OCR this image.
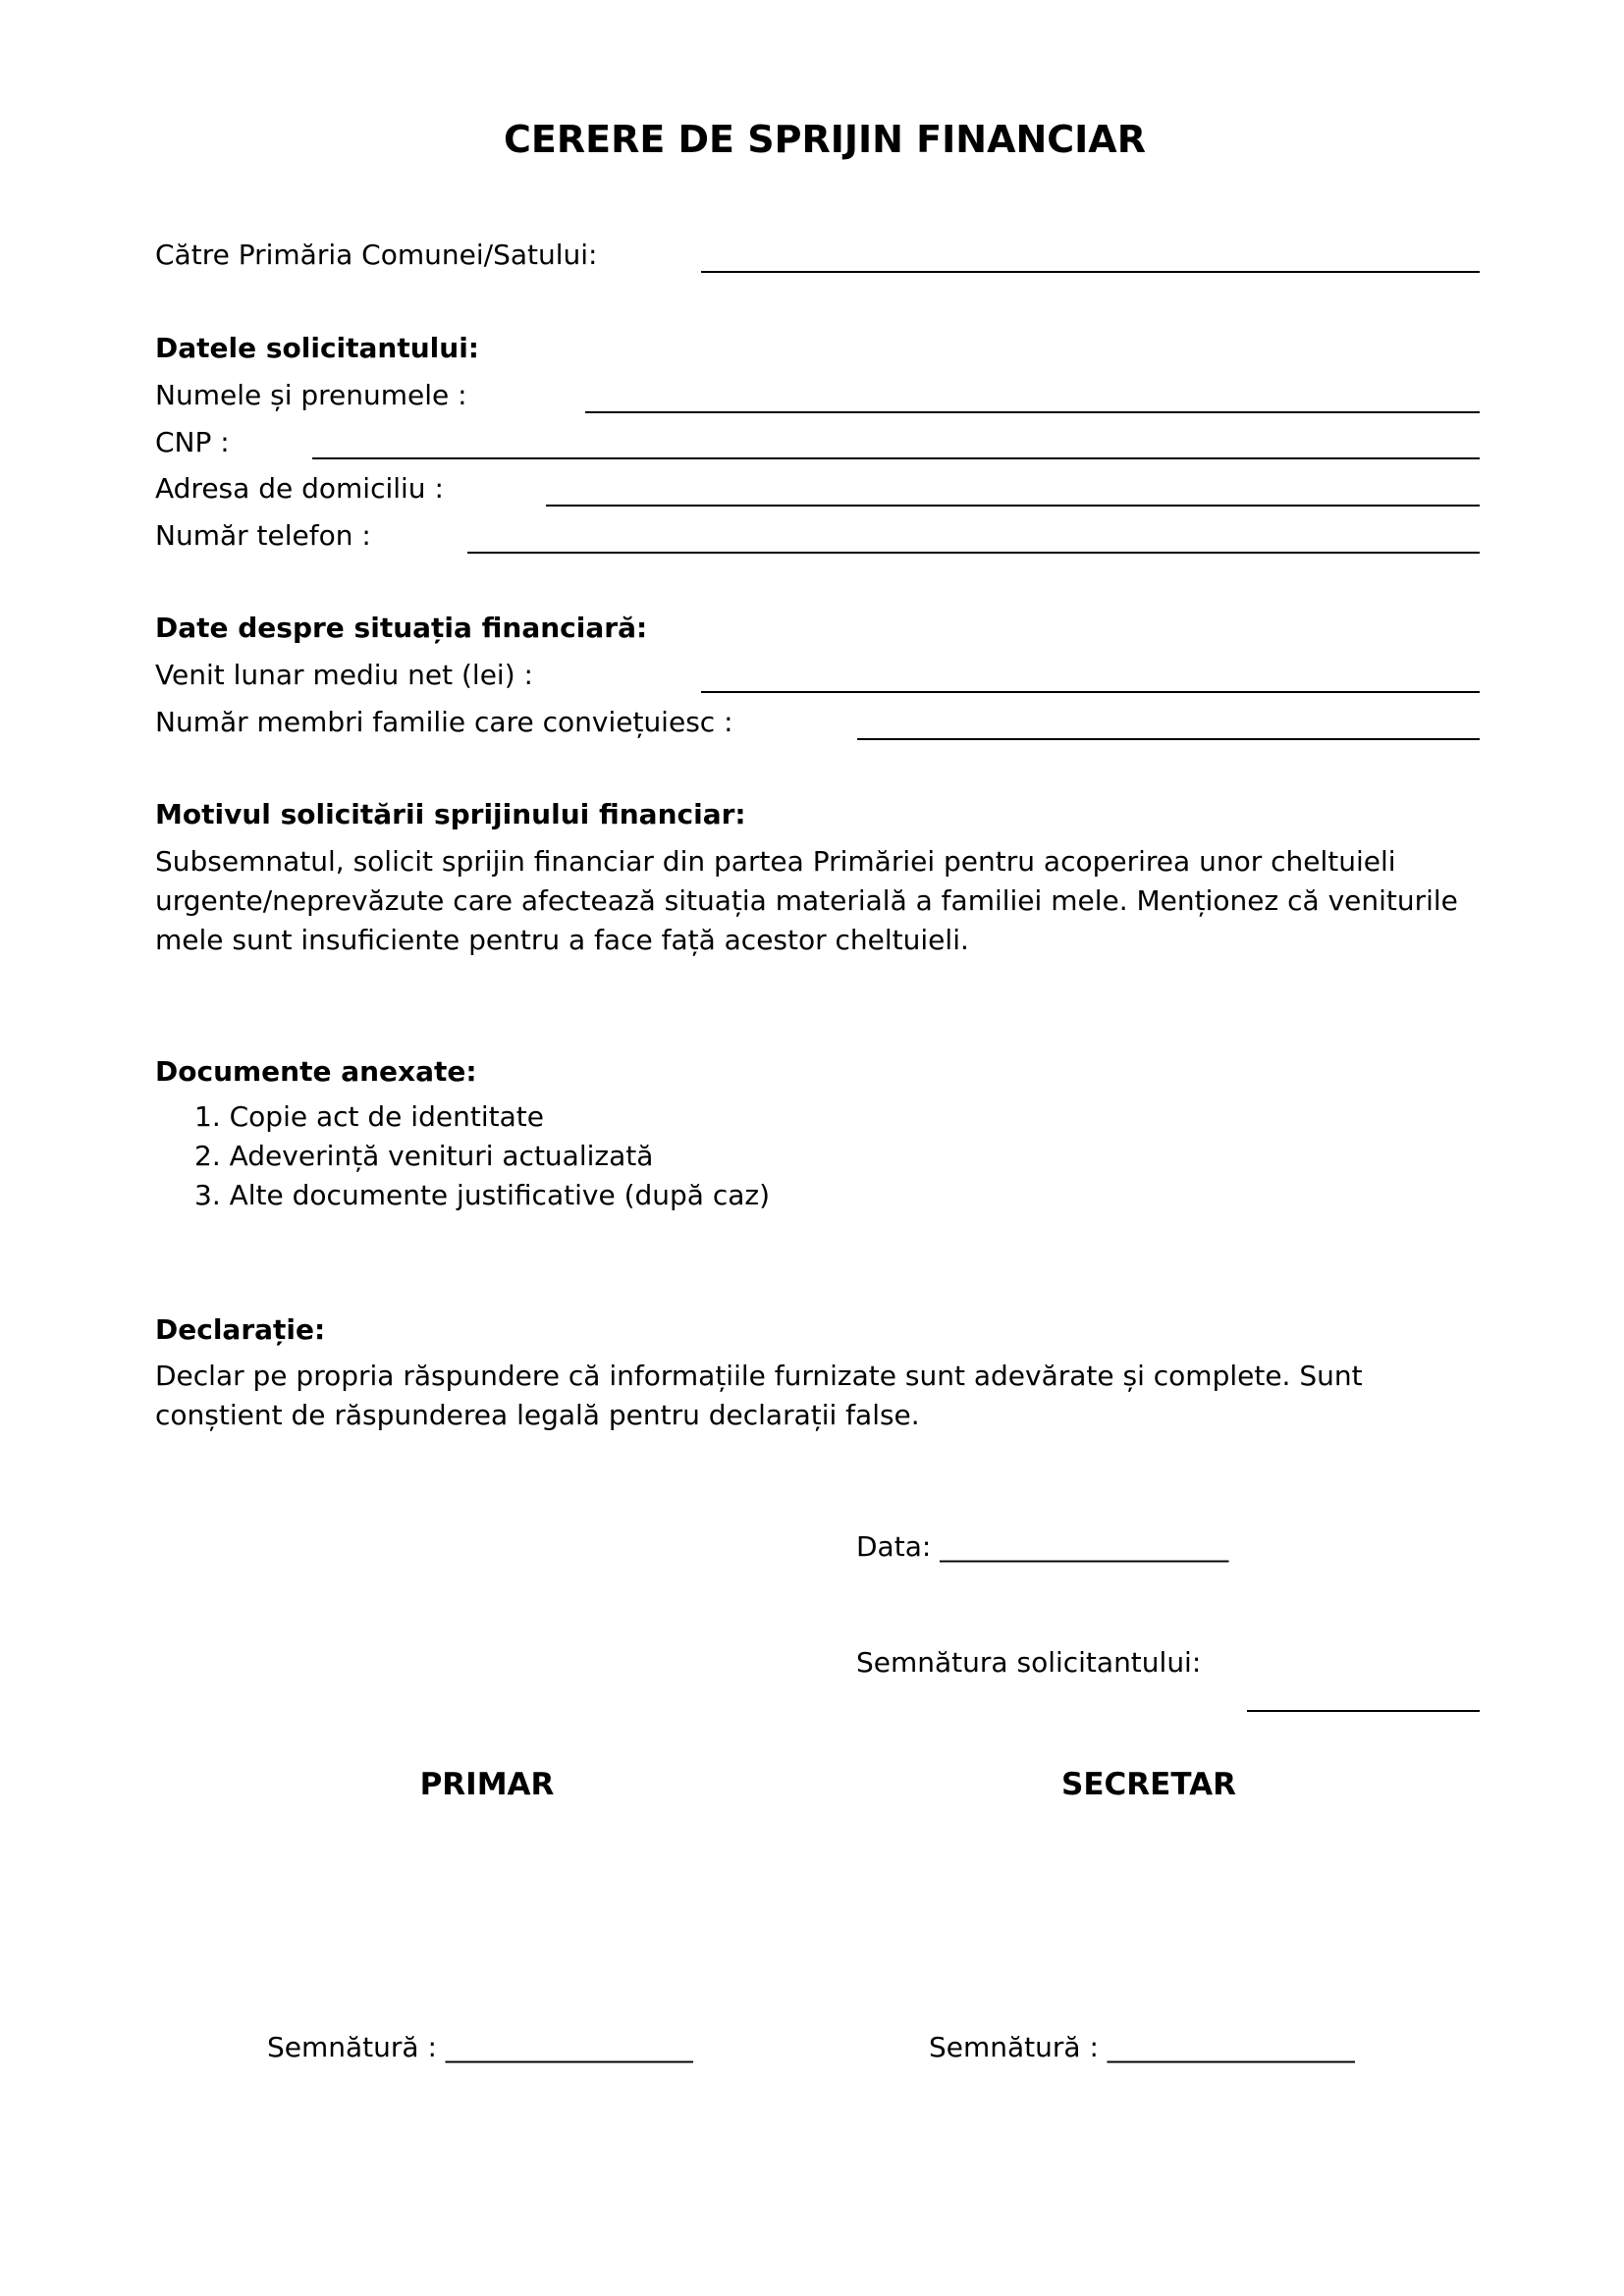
CERERE DE SPRIJIN FINANCIAR
Către Primăria Comunei/Satului:
Datele solicitantului:
Numele și prenumele :
CNP :
Adresa de domiciliu :
Număr telefon :
Date despre situația financiară:
Venit lunar mediu net (lei) :
Număr membri familie care conviețuiesc :
Motivul solicitării sprijinului financiar:
Subsemnatul, solicit sprijin financiar din partea Primăriei pentru acoperirea unor cheltuieli urgente/neprevăzute care afectează situația materială a familiei mele. Menționez că veniturile mele sunt insuficiente pentru a face față acestor cheltuieli.
Documente anexate:
1. Copie act de identitate
2. Adeverință venituri actualizată
3. Alte documente justificative (după caz)
Declarație:
Declar pe propria răspundere că informațiile furnizate sunt adevărate și complete. Sunt conștient de răspunderea legală pentru declarații false.
Data: _____________________
Semnătura solicitantului:
PRIMAR	SECRETAR
Semnătură : __________________	Semnătură : __________________
